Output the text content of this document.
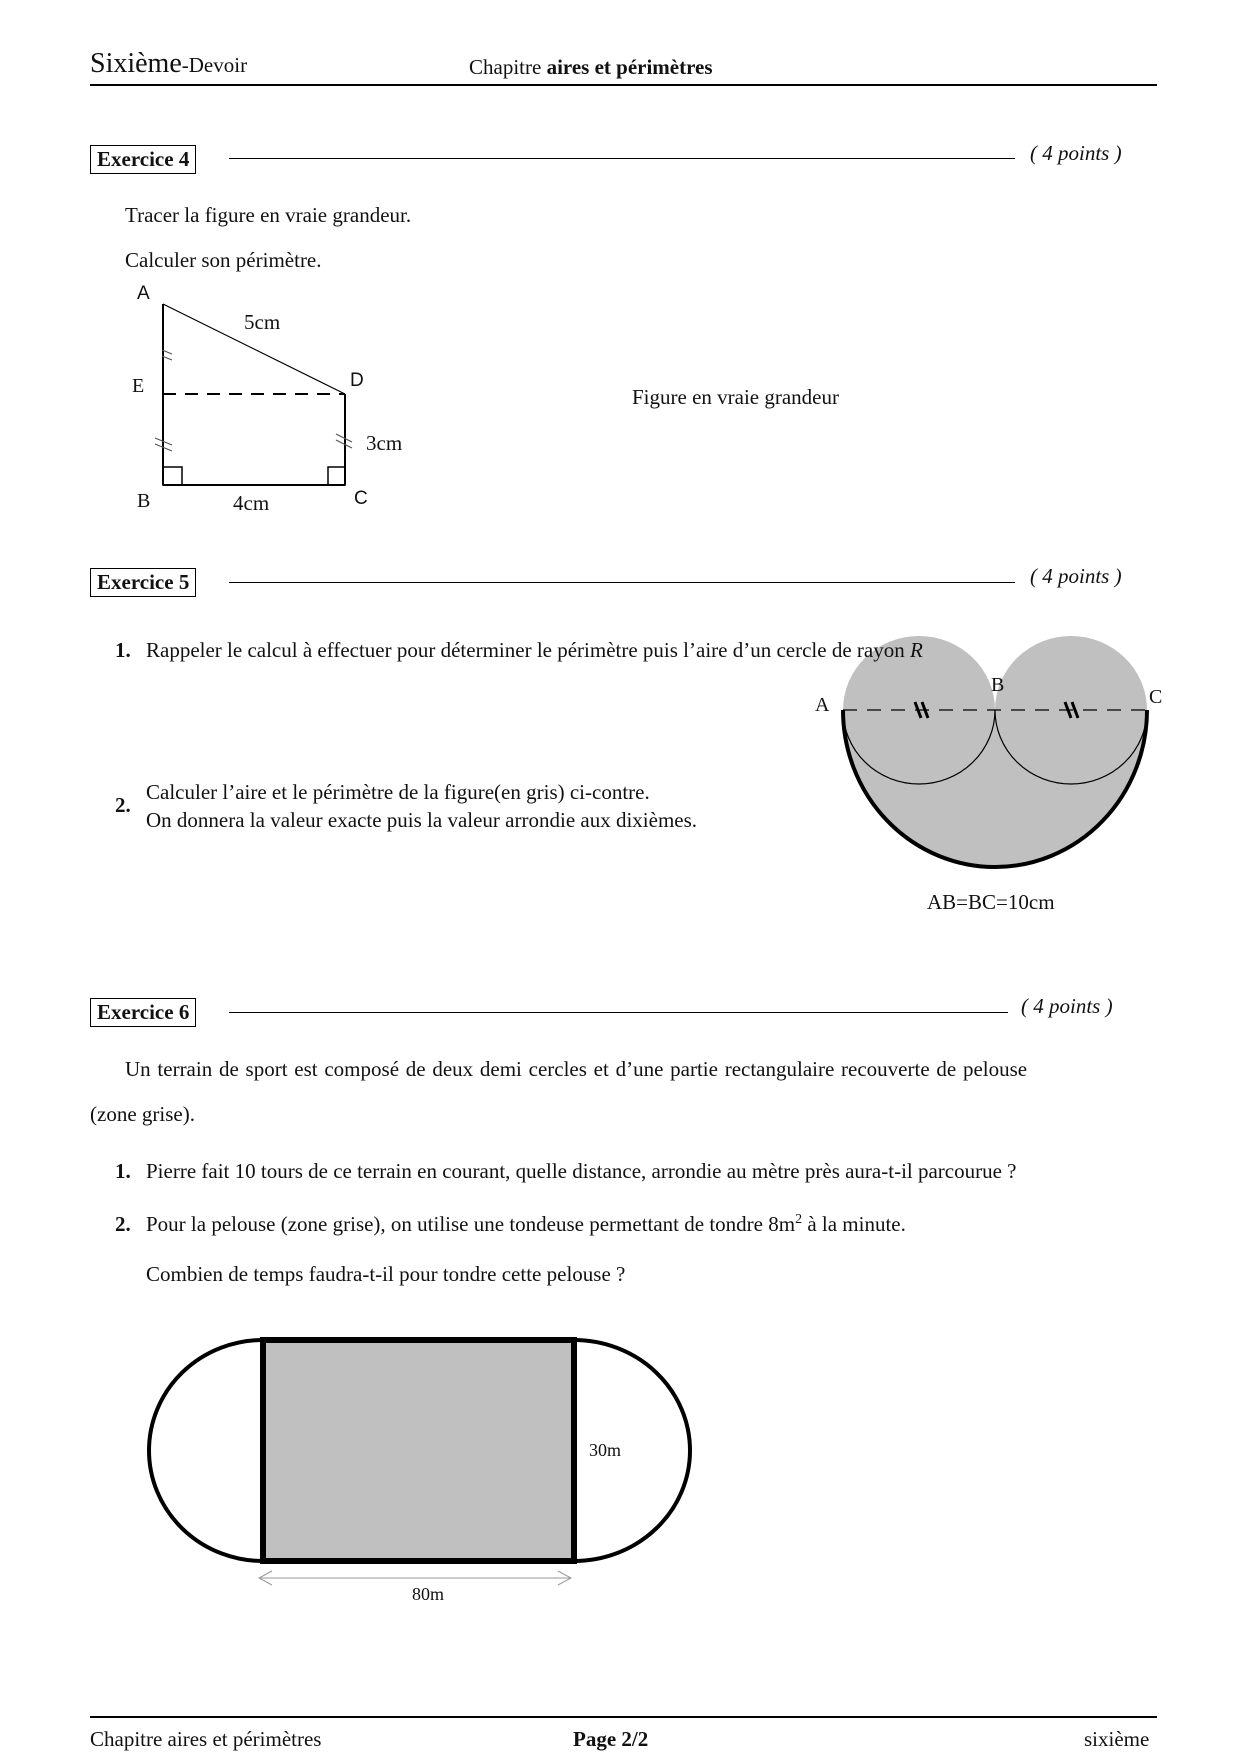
Sixième-Devoir	Chapitre aires et périmètres
Exercice 4	( 4 points )
Tracer la figure en vraie grandeur.
Calculer son périmètre.
Figure en vraie grandeur
A
E	D
B	C
5cm
3cm
4cm
Exercice 5	( 4 points )
1. Rappeler le calcul à effectuer pour déterminer le périmètre puis l’aire d’un cercle de rayon R
2.
Calculer l’aire et le périmètre de la figure(en gris) ci-contre.
On donnera la valeur exacte puis la valeur arrondie aux dixièmes.
A
B
C
AB=BC=10cm
Exercice 6	( 4 points )
Un terrain de sport est composé de deux demi cercles et d’une partie rectangulaire recouverte de pelouse
(zone grise).
1. Pierre fait 10 tours de ce terrain en courant, quelle distance, arrondie au mètre près aura-t-il parcourue ?
2. Pour la pelouse (zone grise), on utilise une tondeuse permettant de tondre $8m^2$ à la minute.
Combien de temps faudra-t-il pour tondre cette pelouse ?
30m
80m
Chapitre aires et périmètres	Page 2/2	sixième
